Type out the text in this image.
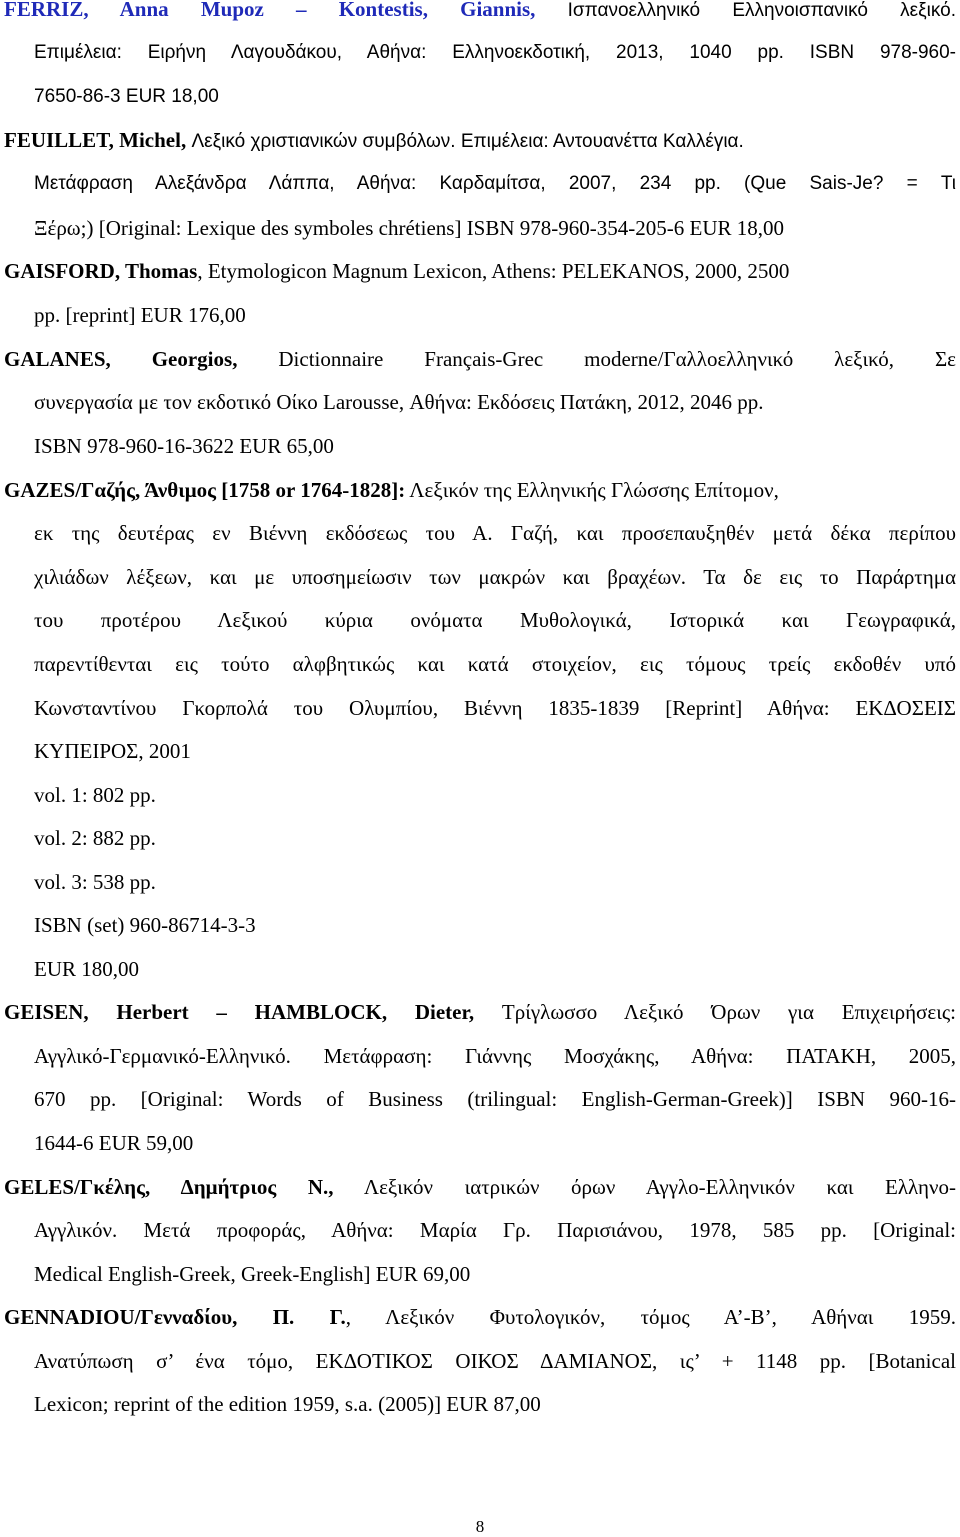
FERRIZ, Anna Mupoz – Kontestis, Giannis, Ισπανοελληνικό Ελληνοισπανικό λεξικό.
Επιμέλεια: Ειρήνη Λαγουδάκου, Αθήνα: Ελληνοεκδοτική, 2013, 1040 pp. ISBN 978-960-
7650-86-3 EUR 18,00
FEUILLET, Michel, Λεξικό χριστιανικών συμβόλων. Επιμέλεια: Αντουανέττα Καλλέγια.
Μετάφραση Αλεξάνδρα Λάππα, Αθήνα: Καρδαμίτσα, 2007, 234 pp. (Que Sais-Je? = Τι
Ξέρω;) [Original: Lexique des symboles chrétiens] ISBN 978-960-354-205-6 EUR 18,00
GAISFORD, Thomas, Etymologicon Magnum Lexicon, Athens: PELEKANOS, 2000, 2500
pp. [reprint] EUR 176,00
GALANES, Georgios, Dictionnaire Français-Grec moderne/Γαλλοελληνικό λεξικό, Σε
συνεργασία με τον εκδοτικό Οίκο Larousse, Αθήνα: Εκδόσεις Πατάκη, 2012, 2046 pp.
ISBN 978-960-16-3622 EUR 65,00
GAZES/Γαζής, Άνθιμος [1758 or 1764-1828]: Λεξικόν της Ελληνικής Γλώσσης Επίτομον,
εκ της δευτέρας εν Βιέννη εκδόσεως του Α. Γαζή, και προσεπαυξηθέν μετά δέκα περίπου
χιλιάδων λέξεων, και με υποσημείωσιν των μακρών και βραχέων. Τα δε εις το Παράρτημα
του προτέρου Λεξικού κύρια ονόματα Μυθολογικά, Ιστορικά και Γεωγραφικά,
παρεντίθενται εις τούτο αλφβητικώς και κατά στοιχείον, εις τόμους τρείς εκδοθέν υπό
Κωνσταντίνου Γκορπολά του Ολυμπίου, Βιέννη 1835-1839 [Reprint] Αθήνα: ΕΚΔΟΣΕΙΣ
ΚΥΠΕΙΡΟΣ, 2001
vol. 1: 802 pp.
vol. 2: 882 pp.
vol. 3: 538 pp.
ISBN (set) 960-86714-3-3
EUR 180,00
GEISEN, Herbert – HAMBLOCK, Dieter, Τρίγλωσσο Λεξικό Όρων για Επιχειρήσεις:
Αγγλικό-Γερμανικό-Ελληνικό. Μετάφραση: Γιάννης Μοσχάκης, Αθήνα: ΠΑΤΑΚΗ, 2005,
670 pp. [Original: Words of Business (trilingual: English-German-Greek)] ISBN 960-16-
1644-6 EUR 59,00
GELES/Γκέλης, Δημήτριος Ν., Λεξικόν ιατρικών όρων Αγγλο-Ελληνικόν και Ελληνο-
Αγγλικόν. Μετά προφοράς, Αθήνα: Μαρία Γρ. Παρισιάνου, 1978, 585 pp. [Original:
Medical English-Greek, Greek-English] EUR 69,00
GENNADIOU/Γενναδίου, Π. Γ., Λεξικόν Φυτολογικόν, τόμος Α’-Β’, Αθήναι 1959.
Ανατύπωση σ’ ένα τόμο, ΕΚΔΟΤΙΚΟΣ ΟΙΚΟΣ ΔΑΜΙΑΝΟΣ, ις’ + 1148 pp. [Botanical
Lexicon; reprint of the edition 1959, s.a. (2005)] EUR 87,00
8
